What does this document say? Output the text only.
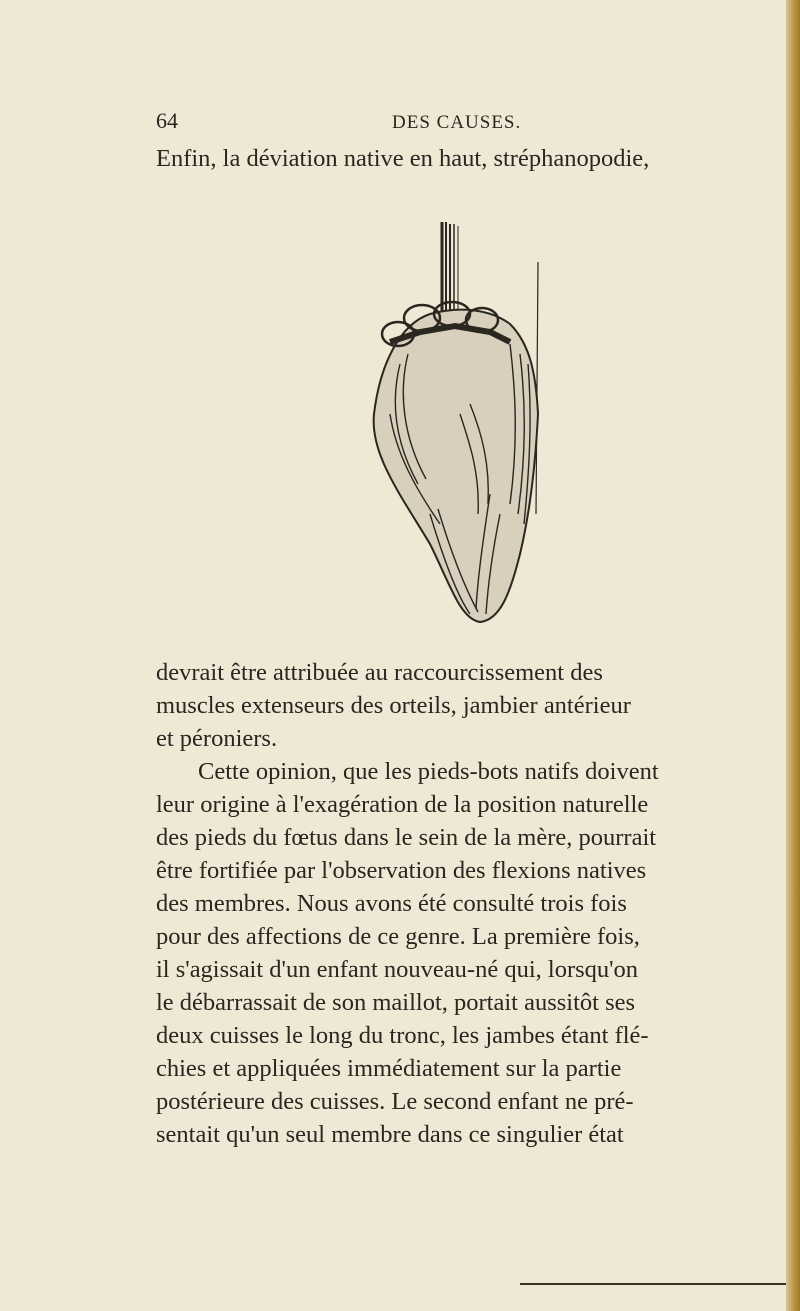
64	DES CAUSES.
Enfin, la déviation native en haut, stréphanopodie,
devrait être attribuée au raccourcissement des
muscles extenseurs des orteils, jambier antérieur
et péroniers.
Cette opinion, que les pieds-bots natifs doivent
leur origine à l'exagération de la position naturelle
des pieds du fœtus dans le sein de la mère, pourrait
être fortifiée par l'observation des flexions natives
des membres. Nous avons été consulté trois fois
pour des affections de ce genre. La première fois,
il s'agissait d'un enfant nouveau-né qui, lorsqu'on
le débarrassait de son maillot, portait aussitôt ses
deux cuisses le long du tronc, les jambes étant flé-
chies et appliquées immédiatement sur la partie
postérieure des cuisses. Le second enfant ne pré-
sentait qu'un seul membre dans ce singulier état
